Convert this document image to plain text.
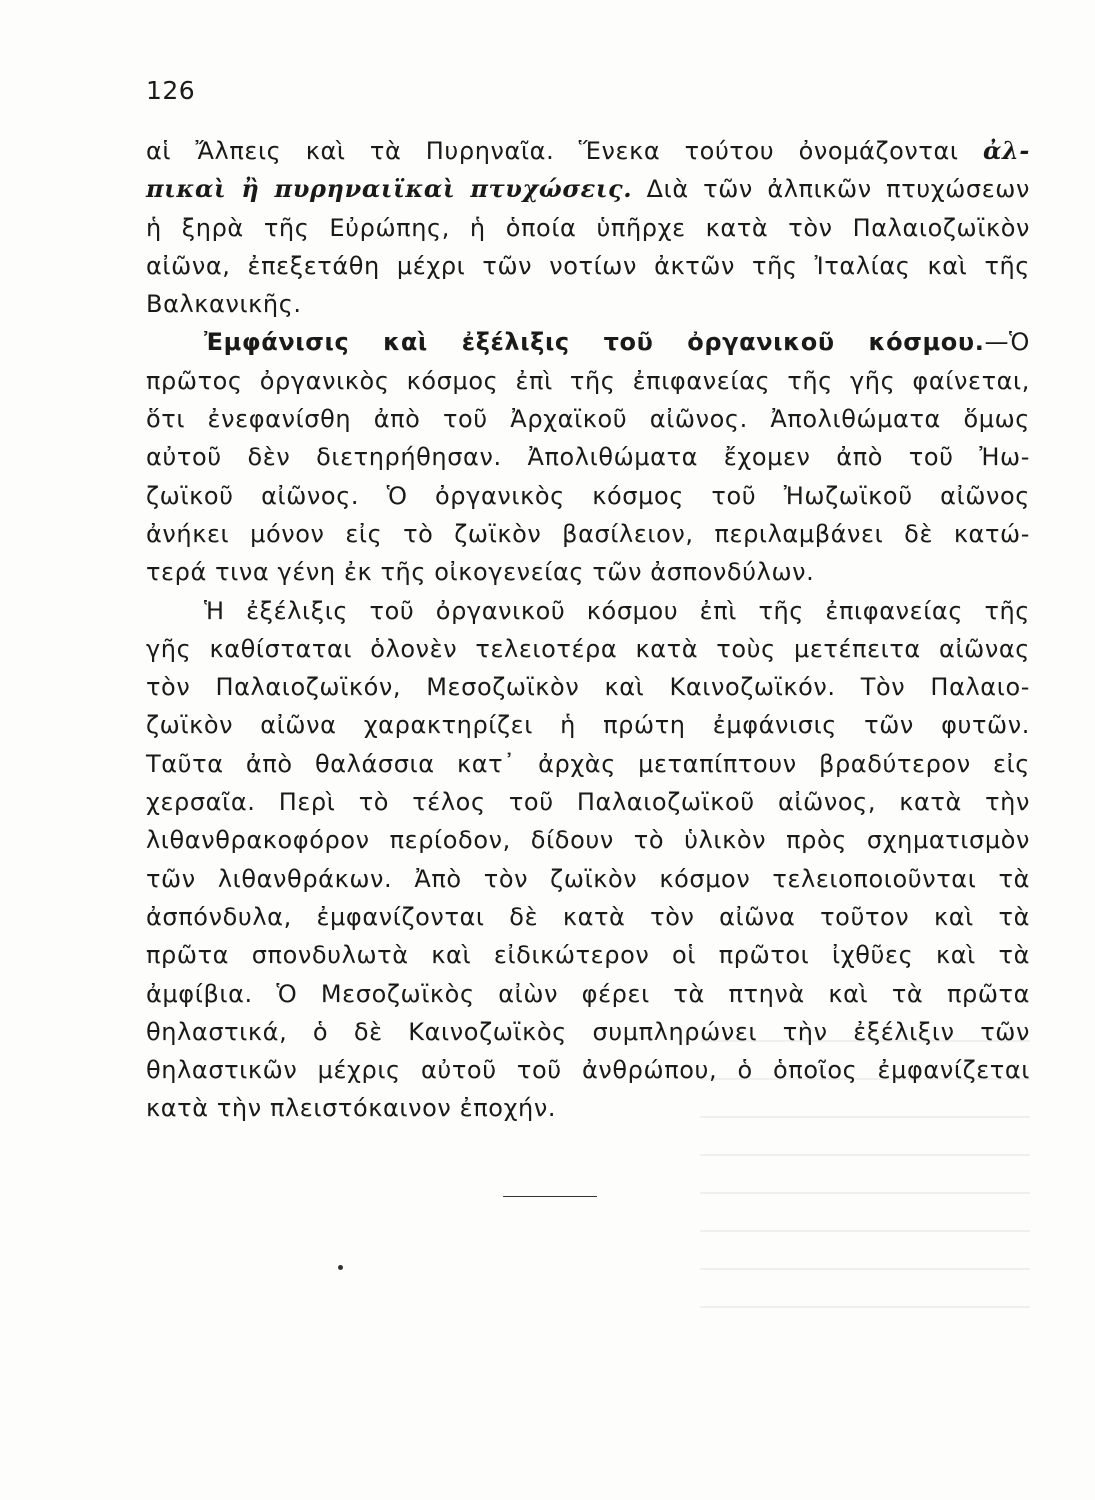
126
αἱ Ἄλπεις καὶ τὰ Πυρηναῖα. Ἕνεκα τούτου ὀνομάζονται ἀλ-
πικαὶ ἢ πυρηναιϊκαὶ πτυχώσεις. Διὰ τῶν ἀλπικῶν πτυχώσεων
ἡ ξηρὰ τῆς Εὐρώπης, ἡ ὁποία ὑπῆρχε κατὰ τὸν Παλαιοζωϊκὸν
αἰῶνα, ἐπεξετάθη μέχρι τῶν νοτίων ἀκτῶν τῆς Ἰταλίας καὶ τῆς
Βαλκανικῆς.
Ἐμφάνισις καὶ ἐξέλιξις τοῦ ὀργανικοῦ κόσμου.—Ὁ
πρῶτος ὀργανικὸς κόσμος ἐπὶ τῆς ἐπιφανείας τῆς γῆς φαίνεται,
ὅτι ἐνεφανίσθη ἀπὸ τοῦ Ἀρχαϊκοῦ αἰῶνος. Ἀπολιθώματα ὅμως
αὐτοῦ δὲν διετηρήθησαν. Ἀπολιθώματα ἔχομεν ἀπὸ τοῦ Ἠω-
ζωϊκοῦ αἰῶνος. Ὁ ὀργανικὸς κόσμος τοῦ Ἠωζωϊκοῦ αἰῶνος
ἀνήκει μόνον εἰς τὸ ζωϊκὸν βασίλειον, περιλαμβάνει δὲ κατώ-
τερά τινα γένη ἐκ τῆς οἰκογενείας τῶν ἀσπονδύλων.
Ἡ ἐξέλιξις τοῦ ὀργανικοῦ κόσμου ἐπὶ τῆς ἐπιφανείας τῆς
γῆς καθίσταται ὁλονὲν τελειοτέρα κατὰ τοὺς μετέπειτα αἰῶνας
τὸν Παλαιοζωϊκόν, Μεσοζωϊκὸν καὶ Καινοζωϊκόν. Τὸν Παλαιο-
ζωϊκὸν αἰῶνα χαρακτηρίζει ἡ πρώτη ἐμφάνισις τῶν φυτῶν.
Ταῦτα ἀπὸ θαλάσσια κατ᾽ ἀρχὰς μεταπίπτουν βραδύτερον εἰς
χερσαῖα. Περὶ τὸ τέλος τοῦ Παλαιοζωϊκοῦ αἰῶνος, κατὰ τὴν
λιθανθρακοφόρον περίοδον, δίδουν τὸ ὑλικὸν πρὸς σχηματισμὸν
τῶν λιθανθράκων. Ἀπὸ τὸν ζωϊκὸν κόσμον τελειοποιοῦνται τὰ
ἀσπόνδυλα, ἐμφανίζονται δὲ κατὰ τὸν αἰῶνα τοῦτον καὶ τὰ
πρῶτα σπονδυλωτὰ καὶ εἰδικώτερον οἱ πρῶτοι ἰχθῦες καὶ τὰ
ἀμφίβια. Ὁ Μεσοζωϊκὸς αἰὼν φέρει τὰ πτηνὰ καὶ τὰ πρῶτα
θηλαστικά, ὁ δὲ Καινοζωϊκὸς συμπληρώνει τὴν ἐξέλιξιν τῶν
θηλαστικῶν μέχρις αὐτοῦ τοῦ ἀνθρώπου, ὁ ὁποῖος ἐμφανίζεται
κατὰ τὴν πλειστόκαινον ἐποχήν.
